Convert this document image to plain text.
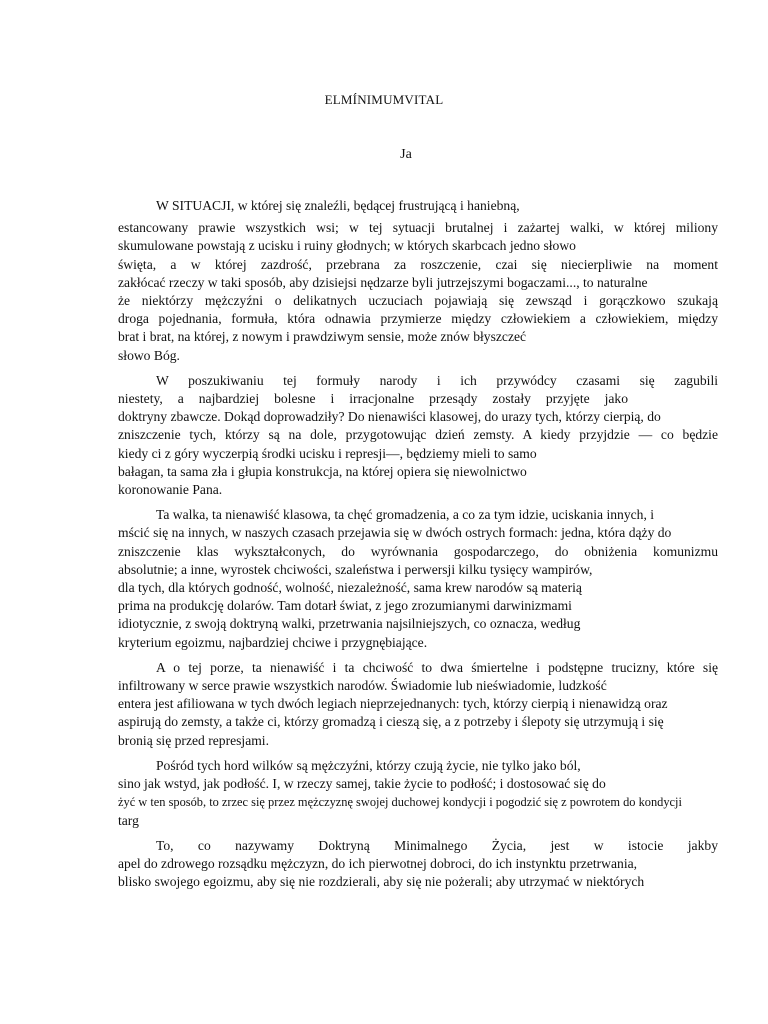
ELMÍNIMUMVITAL
Ja
W SITUACJI, w której się znaleźli, będącej frustrującą i haniebną,
estancowany prawie wszystkich wsi; w tej sytuacji brutalnej i zażartej walki, w której miliony
skumulowane powstają z ucisku i ruiny głodnych; w których skarbcach jedno słowo
święta, a w której zazdrość, przebrana za roszczenie, czai się niecierpliwie na moment
zakłócać rzeczy w taki sposób, aby dzisiejsi nędzarze byli jutrzejszymi bogaczami..., to naturalne
że niektórzy mężczyźni o delikatnych uczuciach pojawiają się zewsząd i gorączkowo szukają
droga pojednania, formuła, która odnawia przymierze między człowiekiem a człowiekiem, między
brat i brat, na której, z nowym i prawdziwym sensie, może znów błyszczeć
słowo Bóg.
W poszukiwaniu tej formuły narody i ich przywódcy czasami się zagubili
niestety, a najbardziej bolesne i irracjonalne przesądy zostały przyjęte jako
doktryny zbawcze. Dokąd doprowadziły? Do nienawiści klasowej, do urazy tych, którzy cierpią, do
zniszczenie tych, którzy są na dole, przygotowując dzień zemsty. A kiedy przyjdzie — co będzie
kiedy ci z góry wyczerpią środki ucisku i represji—, będziemy mieli to samo
bałagan, ta sama zła i głupia konstrukcja, na której opiera się niewolnictwo
koronowanie Pana.
Ta walka, ta nienawiść klasowa, ta chęć gromadzenia, a co za tym idzie, uciskania innych, i
mścić się na innych, w naszych czasach przejawia się w dwóch ostrych formach: jedna, która dąży do
zniszczenie klas wykształconych, do wyrównania gospodarczego, do obniżenia komunizmu
absolutnie; a inne, wyrostek chciwości, szaleństwa i perwersji kilku tysięcy wampirów,
dla tych, dla których godność, wolność, niezależność, sama krew narodów są materią
prima na produkcję dolarów. Tam dotarł świat, z jego zrozumianymi darwinizmami
idiotycznie, z swoją doktryną walki, przetrwania najsilniejszych, co oznacza, według
kryterium egoizmu, najbardziej chciwe i przygnębiające.
A o tej porze, ta nienawiść i ta chciwość to dwa śmiertelne i podstępne trucizny, które się
infiltrowany w serce prawie wszystkich narodów. Świadomie lub nieświadomie, ludzkość
entera jest afiliowana w tych dwóch legiach nieprzejednanych: tych, którzy cierpią i nienawidzą oraz
aspirują do zemsty, a także ci, którzy gromadzą i cieszą się, a z potrzeby i ślepoty się utrzymują i się
bronią się przed represjami.
Pośród tych hord wilków są mężczyźni, którzy czują życie, nie tylko jako ból,
sino jak wstyd, jak podłość. I, w rzeczy samej, takie życie to podłość; i dostosować się do
żyć w ten sposób, to zrzec się przez mężczyznę swojej duchowej kondycji i pogodzić się z powrotem do kondycji
targ
To, co nazywamy Doktryną Minimalnego Życia, jest w istocie jakby
apel do zdrowego rozsądku mężczyzn, do ich pierwotnej dobroci, do ich instynktu przetrwania,
blisko swojego egoizmu, aby się nie rozdzierali, aby się nie pożerali; aby utrzymać w niektórych
